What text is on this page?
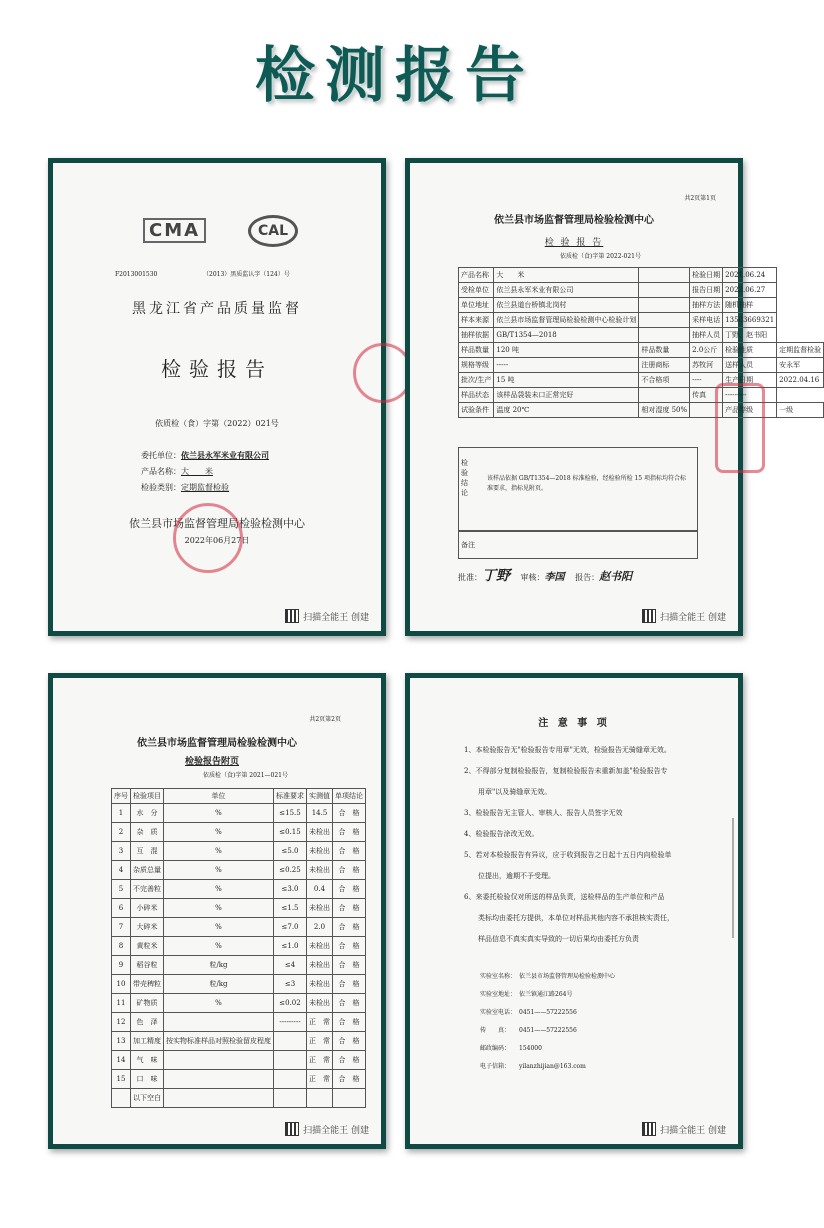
检测报告
CMA	CAL
F2013001530	（2013）黑质监认字（124）号
黑龙江省产品质量监督
检验报告
依质检（食）字第（2022）021号
委托单位：依兰县永军米业有限公司
产品名称：大　　米
检验类别：定期监督检验
依兰县市场监督管理局检验检测中心
2022年06月27日
扫描全能王 创建
共2页第1页
依兰县市场监督管理局检验检测中心
检 验 报 告
依质检（食)字第 2022-021号
产品名称	大　　米		检验日期	2021.06.24	
受检单位	依兰县永军米业有限公司		报告日期	2022.06.27	
单位地址	依兰县道台桥镇北岗村		抽样方法	随机抽样	
样本来源	依兰县市场监督管理局检验检测中心检验计划		采样电话	13503669321	
抽样依据	GB/T1354—2018		抽样人员	丁野、赵书阳	
样品数量	120 吨	样品数量	2.0公斤	检验性质	定期监督检验
规格等级	-----	注册商标	苏牧河	送样人员	安永军
批次/生产	15 吨	不合格项	----	生产日期	2022.04.16
样品状态	该样品袋装未口正常完好		传真	---------	
试验条件	温度 20℃	相对湿度 50%		产品等级	一级
检验结论
该样品依据 GB/T1354—2018 标准检验，经检验所检 15 项指标均符合标准要求，指标见附页。
备注
批准：丁野 审核：李国 报告：赵书阳
扫描全能王 创建
共2页第2页
依兰县市场监督管理局检验检测中心
检验报告附页
依质检（食)字第 2021—021号
序号	检验项目	单位	标准要求	实测值	单项结论
1	水　分	%	≤15.5	14.5	合　格
2	杂　质	%	≤0.15	未检出	合　格
3	互　混	%	≤5.0	未检出	合　格
4	杂质总量	%	≤0.25	未检出	合　格
5	不完善粒	%	≤3.0	0.4	合　格
6	小碎米	%	≤1.5	未检出	合　格
7	大碎米	%	≤7.0	2.0	合　格
8	黄粒米	%	≤1.0	未检出	合　格
9	稻谷粒	粒/kg	≤4	未检出	合　格
10	带壳稗粒	粒/kg	≤3	未检出	合　格
11	矿物质	%	≤0.02	未检出	合　格
12	色　泽		---------	正　常	合　格
13	加工精度	按实物标准样品对照检验留皮程度		正　常	合　格
14	气　味			正　常	合　格
15	口　味			正　常	合　格
	以下空白				
扫描全能王 创建
注 意 事 项
1、本检验报告无"检验报告专用章"无效，检验报告无骑缝章无效。
2、不得部分复制检验报告，复制检验报告未重新加盖"检验报告专
　　用章"以及骑缝章无效。
3、检验报告无主管人、审核人、报告人员签字无效
4、检验报告涂改无效。
5、若对本检验报告有异议，应于收到报告之日起十五日内向检验单
　　位提出，逾期不予受理。
6、来委托检验仅对所送的样品负责，送检样品的生产单位和产品
　　类标均由委托方提供，本单位对样品其他内容不承担核实责任，
　　样品信息不真实真实导致的一切后果均由委托方负责
实验室名称：　依兰县市场监督管理局检验检测中心
实验室地址：　依兰镇通江路264号
实验室电话：　0451——57222556
传　　真：　　0451——57222556
邮政编码：　　154000
电子信箱：　　yilanzhijian@163.com
扫描全能王 创建
